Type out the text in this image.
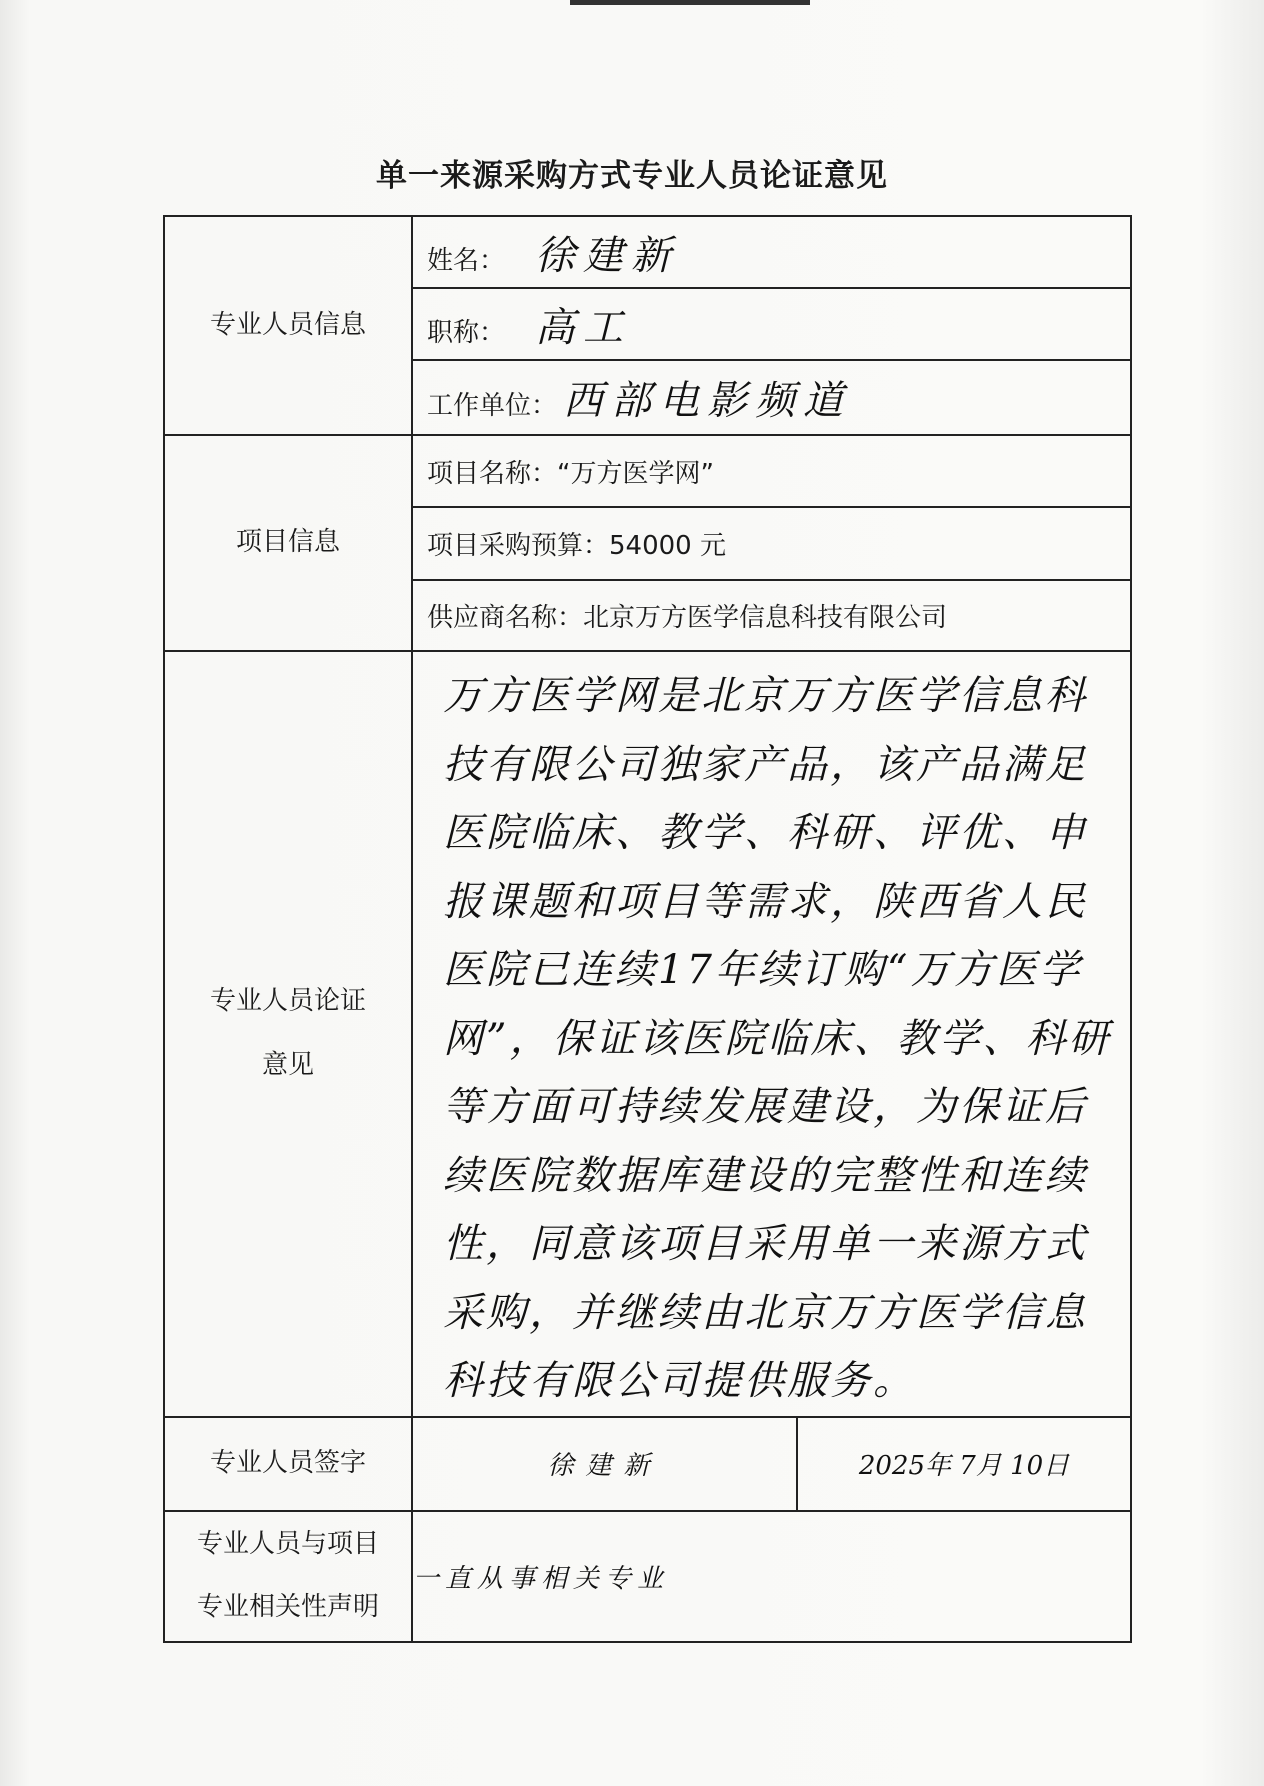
单一来源采购方式专业人员论证意见
专业人员信息	姓名： 徐建新	
	职称： 高工	
	工作单位： 西部电影频道	
项目信息	项目名称：“万方医学网”	
	项目采购预算：54000 元	
	供应商名称：北京万方医学信息科技有限公司	

专业人员论证
意见	万方医学网是北京万方医学信息科技有限公司独家产品，该产品满足医院临床、教学、科研、评优、申报课题和项目等需求，陕西省人民医院已连续17年续订购“万方医学网”，保证该医院临床、教学、科研等方面可持续发展建设，为保证后续医院数据库建设的完整性和连续性，同意该项目采用单一来源方式采购，并继续由北京万方医学信息科技有限公司提供服务。	

专业人员签字	徐建新	2025年 7月 10日

专业人员与项目
专业相关性声明	一直从事相关专业	
